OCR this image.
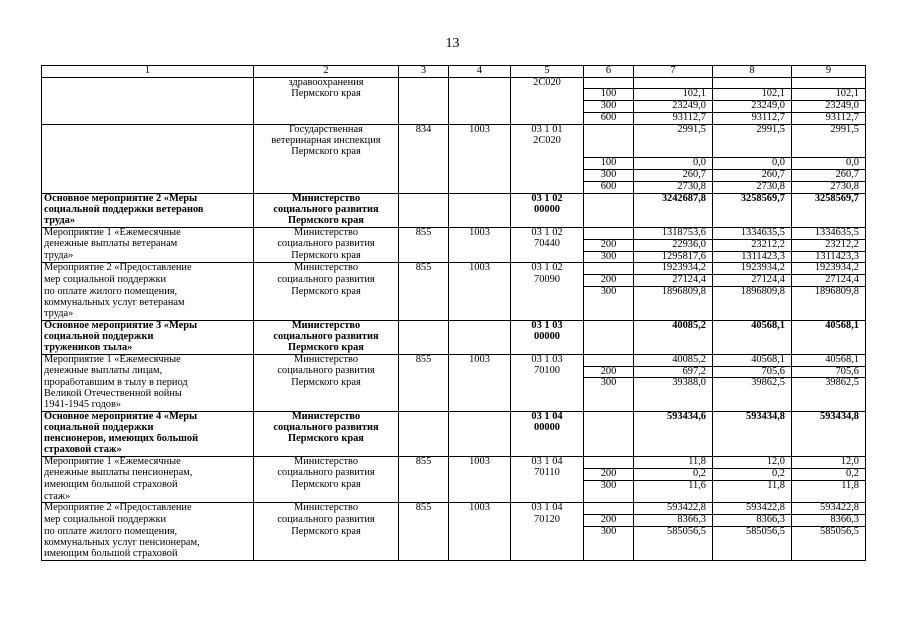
13
1	2	3	4	5	6	7	8	9
	здравоохранения			2С020				
	Пермского края				100	102,1	102,1	102,1
					300	23249,0	23249,0	23249,0
					600	93112,7	93112,7	93112,7
	Государственная	834	1003	03 1 01		2991,5	2991,5	2991,5
	ветеринарная инспекция			2С020				
	Пермского края							
					100	0,0	0,0	0,0
					300	260,7	260,7	260,7
					600	2730,8	2730,8	2730,8
Основное мероприятие 2 «Меры	Министерство			03 1 02		3242687,8	3258569,7	3258569,7
социальной поддержки ветеранов	социального развития			00000				
труда»	Пермского края							
Мероприятие 1 «Ежемесячные	Министерство	855	1003	03 1 02		1318753,6	1334635,5	1334635,5
денежные выплаты ветеранам	социального развития			70440	200	22936,0	23212,2	23212,2
труда»	Пермского края				300	1295817,6	1311423,3	1311423,3
Мероприятие 2 «Предоставление	Министерство	855	1003	03 1 02		1923934,2	1923934,2	1923934,2
мер социальной поддержки	социального развития			70090	200	27124,4	27124,4	27124,4
по оплате жилого помещения,	Пермского края				300	1896809,8	1896809,8	1896809,8
коммунальных услуг ветеранам								
труда»								
Основное мероприятие 3 «Меры	Министерство			03 1 03		40085,2	40568,1	40568,1
социальной поддержки	социального развития			00000				
тружеников тыла»	Пермского края							
Мероприятие 1 «Ежемесячные	Министерство	855	1003	03 1 03		40085,2	40568,1	40568,1
денежные выплаты лицам,	социального развития			70100	200	697,2	705,6	705,6
проработавшим в тылу в период	Пермского края				300	39388,0	39862,5	39862,5
Великой Отечественной войны								
1941-1945 годов»								
Основное мероприятие 4 «Меры	Министерство			03 1 04		593434,6	593434,8	593434,8
социальной поддержки	социального развития			00000				
пенсионеров, имеющих большой	Пермского края							
страховой стаж»								
Мероприятие 1 «Ежемесячные	Министерство	855	1003	03 1 04		11,8	12,0	12,0
денежные выплаты пенсионерам,	социального развития			70110	200	0,2	0,2	0,2
имеющим большой страховой	Пермского края				300	11,6	11,8	11,8
стаж»								
Мероприятие 2 «Предоставление	Министерство	855	1003	03 1 04		593422,8	593422,8	593422,8
мер социальной поддержки	социального развития			70120	200	8366,3	8366,3	8366,3
по оплате жилого помещения,	Пермского края				300	585056,5	585056,5	585056,5
коммунальных услуг пенсионерам,								
имеющим большой страховой								
